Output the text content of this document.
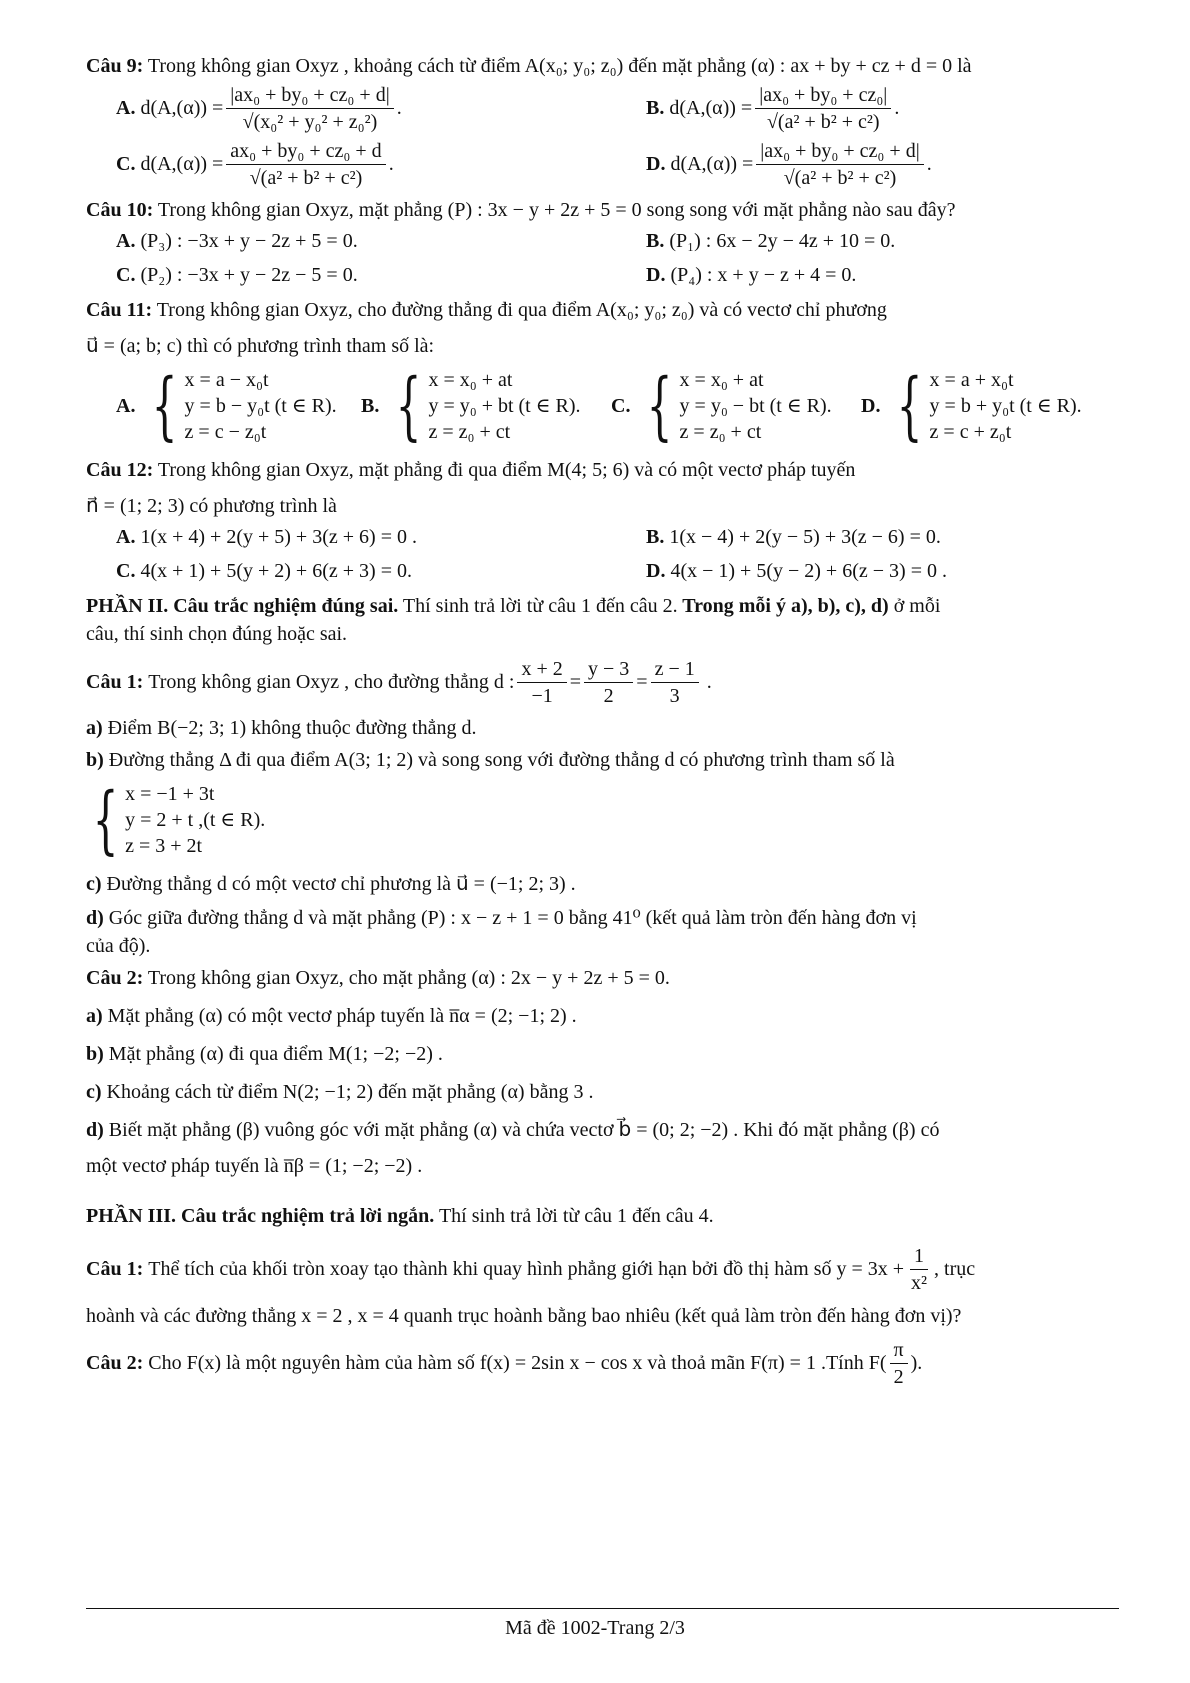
Câu 9: Trong không gian Oxyz , khoảng cách từ điểm A(x₀; y₀; z₀) đến mặt phẳng (α) : ax + by + cz + d = 0 là

A.
$d(A,(\alpha)) = \frac{\text{|ax₀ + by₀ + cz₀ + d|}}{\text{√(x₀² + y₀² + z₀²)}}$ .	B.
$d(A,(\alpha)) = \frac{\text{|ax₀ + by₀ + cz₀|}}{\text{√(a² + b² + c²)}}$ .
C.
$d(A,(\alpha)) = \frac{\text{ax₀ + by₀ + cz₀ + d}}{\text{√(a² + b² + c²)}}$ .	D.
$d(A,(\alpha)) = \frac{\text{|ax₀ + by₀ + cz₀ + d|}}{\text{√(a² + b² + c²)}}$ .

Câu 10: Trong không gian Oxyz, mặt phẳng (P) : 3x − y + 2z + 5 = 0 song song với mặt phẳng nào sau đây?

A.
(P₃) : −3x + y − 2z + 5 = 0.	B.
(P₁) : 6x − 2y − 4z + 10 = 0.
C.
(P₂) : −3x + y − 2z − 5 = 0.	D.
(P₄) : x + y − z + 4 = 0.

Câu 11: Trong không gian Oxyz, cho đường thẳng đi qua điểm A(x₀; y₀; z₀) và có vectơ chỉ phương

u⃗ = (a; b; c) thì có phương trình tham số là:

A. { x = a − x₀t
y = b − y₀t (t ∈ R).
z = c − z₀t
B. { x = x₀ + at
y = y₀ + bt (t ∈ R).
z = z₀ + ct
C. { x = x₀ + at
y = y₀ − bt (t ∈ R).
z = z₀ + ct
D. { x = a + x₀t
y = b + y₀t (t ∈ R).
z = c + z₀t

Câu 12: Trong không gian Oxyz, mặt phẳng đi qua điểm M(4; 5; 6) và có một vectơ pháp tuyến

n⃗ = (1; 2; 3) có phương trình là

A.
1(x + 4) + 2(y + 5) + 3(z + 6) = 0 .	B.
1(x − 4) + 2(y − 5) + 3(z − 6) = 0.
C.
4(x + 1) + 5(y + 2) + 6(z + 3) = 0.	D.
4(x − 1) + 5(y − 2) + 6(z − 3) = 0 .

PHẦN II. Câu trắc nghiệm đúng sai. Thí sinh trả lời từ câu 1 đến câu 2. Trong mỗi ý a), b), c), d) ở mỗi

câu, thí sinh chọn đúng hoặc sai.

Câu 1:
Trong không gian Oxyz , cho đường thẳng d : $\frac{x + 2}{-1} = \frac{y - 3}{2} = \frac{z - 1}{3}$ .

a) Điểm B(−2; 3; 1) không thuộc đường thẳng d.

b) Đường thẳng Δ đi qua điểm A(3; 1; 2) và song song với đường thẳng d có phương trình tham số là

{ x = −1 + 3t
y = 2 + t ,(t ∈ R).
z = 3 + 2t

c) Đường thẳng d có một vectơ chỉ phương là u⃗ = (−1; 2; 3) .

d) Góc giữa đường thẳng d và mặt phẳng (P) : x − z + 1 = 0 bằng 41⁰ (kết quả làm tròn đến hàng đơn vị

của độ).

Câu 2: Trong không gian Oxyz, cho mặt phẳng (α) : 2x − y + 2z + 5 = 0.

a) Mặt phẳng (α) có một vectơ pháp tuyến là n̅α = (2; −1; 2) .

b) Mặt phẳng (α) đi qua điểm M(1; −2; −2) .

c) Khoảng cách từ điểm N(2; −1; 2) đến mặt phẳng (α) bằng 3 .

d) Biết mặt phẳng (β) vuông góc với mặt phẳng (α) và chứa vectơ b⃗ = (0; 2; −2) . Khi đó mặt phẳng (β) có

một vectơ pháp tuyến là n̅β = (1; −2; −2) .

PHẦN III. Câu trắc nghiệm trả lời ngắn. Thí sinh trả lời từ câu 1 đến câu 4.

Câu 1:
Thể tích của khối tròn xoay tạo thành khi quay hình phẳng giới hạn bởi đồ thị hàm số $y = 3x + \frac{1}{\text{x²}}$ , trục

hoành và các đường thẳng x = 2 , x = 4 quanh trục hoành bằng bao nhiêu (kết quả làm tròn đến hàng đơn vị)?

Câu 2:
Cho F(x) là một nguyên hàm của hàm số f(x) = 2sin x − cos x và thoả mãn F(π) = 1 .Tính $F( \frac{\pi}{2}$ ).
Mã đề 1002-Trang 2/3
